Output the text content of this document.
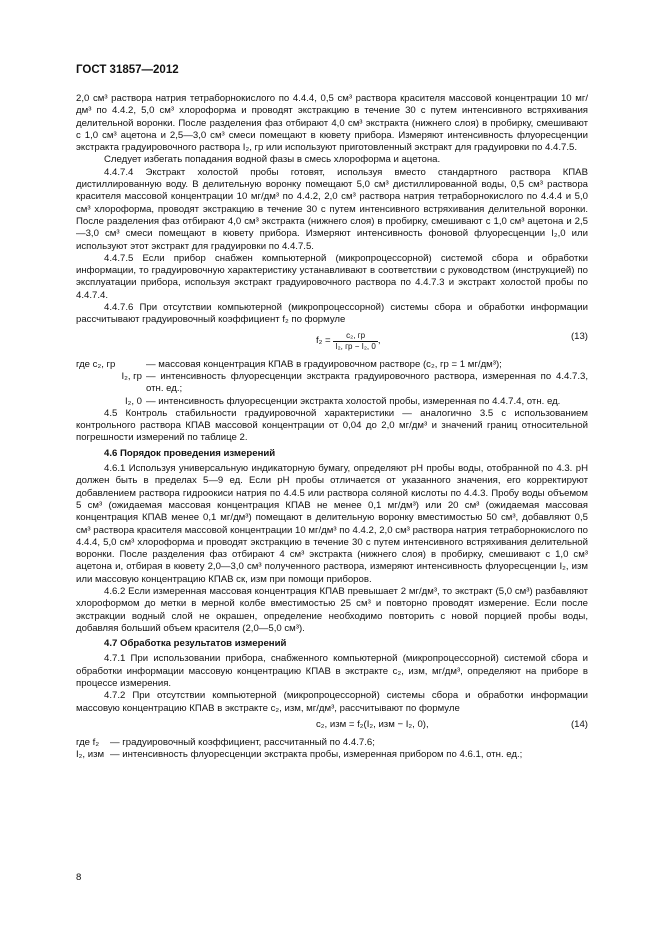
ГОСТ 31857—2012

2,0 см³ раствора натрия тетраборнокислого по 4.4.4, 0,5 см³ раствора красителя массовой концентрации 10 мг/дм³ по 4.4.2, 5,0 см³ хлороформа и проводят экстракцию в течение 30 с путем интенсивного встряхивания делительной воронки. После разделения фаз отбирают 4,0 см³ экстракта (нижнего слоя) в пробирку, смешивают с 1,0 см³ ацетона и 2,5—3,0 см³ смеси помещают в кювету прибора. Измеряют интенсивность флуоресценции экстракта градуировочного раствора I₂, гр или используют приготовленный экстракт для градуировки по 4.4.7.5.

Следует избегать попадания водной фазы в смесь хлороформа и ацетона.

4.4.7.4 Экстракт холостой пробы готовят, используя вместо стандартного раствора КПАВ дистиллированную воду. В делительную воронку помещают 5,0 см³ дистиллированной воды, 0,5 см³ раствора красителя массовой концентрации 10 мг/дм³ по 4.4.2, 2,0 см³ раствора натрия тетраборнокислого по 4.4.4 и 5,0 см³ хлороформа, проводят экстракцию в течение 30 с путем интенсивного встряхивания делительной воронки. После разделения фаз отбирают 4,0 см³ экстракта (нижнего слоя) в пробирку, смешивают с 1,0 см³ ацетона и 2,5—3,0 см³ смеси помещают в кювету прибора. Измеряют интенсивность фоновой флуоресценции I₂,0 или используют этот экстракт для градуировки по 4.4.7.5.

4.4.7.5 Если прибор снабжен компьютерной (микропроцессорной) системой сбора и обработки информации, то градуировочную характеристику устанавливают в соответствии с руководством (инструкцией) по эксплуатации прибора, используя экстракт градуировочного раствора по 4.4.7.3 и экстракт холостой пробы по 4.4.7.4.

4.4.7.6 При отсутствии компьютерной (микропроцессорной) системы сбора и обработки информации рассчитывают градуировочный коэффициент f₂ по формуле

$f_2 = \frac{\text{c₂, гр}}{\text{I₂, гр − I₂, 0}}$ ,	(13)
где c₂, гр	— массовая концентрация КПАВ в градуировочном растворе (c₂, гр = 1 мг/дм³);
I₂, гр — интенсивность флуоресценции экстракта градуировочного раствора, измеренная по 4.4.7.3, отн. ед.;
I₂, 0 — интенсивность флуоресценции экстракта холостой пробы, измеренная по 4.4.7.4, отн. ед.

4.5 Контроль стабильности градуировочной характеристики — аналогично 3.5 с использованием контрольного раствора КПАВ массовой концентрации от 0,04 до 2,0 мг/дм³ и значений границ относительной погрешности измерений по таблице 2.

4.6 Порядок проведения измерений

4.6.1 Используя универсальную индикаторную бумагу, определяют рН пробы воды, отобранной по 4.3. рН должен быть в пределах 5—9 ед. Если рН пробы отличается от указанного значения, его корректируют добавлением раствора гидроокиси натрия по 4.4.5 или раствора соляной кислоты по 4.4.3. Пробу воды объемом 5 см³ (ожидаемая массовая концентрация КПАВ не менее 0,1 мг/дм³) или 20 см³ (ожидаемая массовая концентрация КПАВ менее 0,1 мг/дм³) помещают в делительную воронку вместимостью 50 см³, добавляют 0,5 см³ раствора красителя массовой концентрации 10 мг/дм³ по 4.4.2, 2,0 см³ раствора натрия тетраборнокислого по 4.4.4, 5,0 см³ хлороформа и проводят экстракцию в течение 30 с путем интенсивного встряхивания делительной воронки. После разделения фаз отбирают 4 см³ экстракта (нижнего слоя) в пробирку, смешивают с 1,0 см³ ацетона и, отбирая в кювету 2,0—3,0 см³ полученного раствора, измеряют интенсивность флуоресценции I₂, изм или массовую концентрацию КПАВ cк, изм при помощи приборов.

4.6.2 Если измеренная массовая концентрация КПАВ превышает 2 мг/дм³, то экстракт (5,0 см³) разбавляют хлороформом до метки в мерной колбе вместимостью 25 см³ и повторно проводят измерение. Если после экстракции водный слой не окрашен, определение необходимо повторить с новой порцией пробы воды, добавляя больший объем красителя (2,0—5,0 см³).

4.7 Обработка результатов измерений

4.7.1 При использовании прибора, снабженного компьютерной (микропроцессорной) системой сбора и обработки информации массовую концентрацию КПАВ в экстракте c₂, изм, мг/дм³, определяют на приборе в процессе измерения.

4.7.2 При отсутствии компьютерной (микропроцессорной) системы сбора и обработки информации массовую концентрацию КПАВ в экстракте c₂, изм, мг/дм³, рассчитывают по формуле

c₂, изм = f₂(I₂, изм − I₂, 0),	(14)
где f₂	— градуировочный коэффициент, рассчитанный по 4.4.7.6;
I₂, изм — интенсивность флуоресценции экстракта пробы, измеренная прибором по 4.6.1, отн. ед.;
8
